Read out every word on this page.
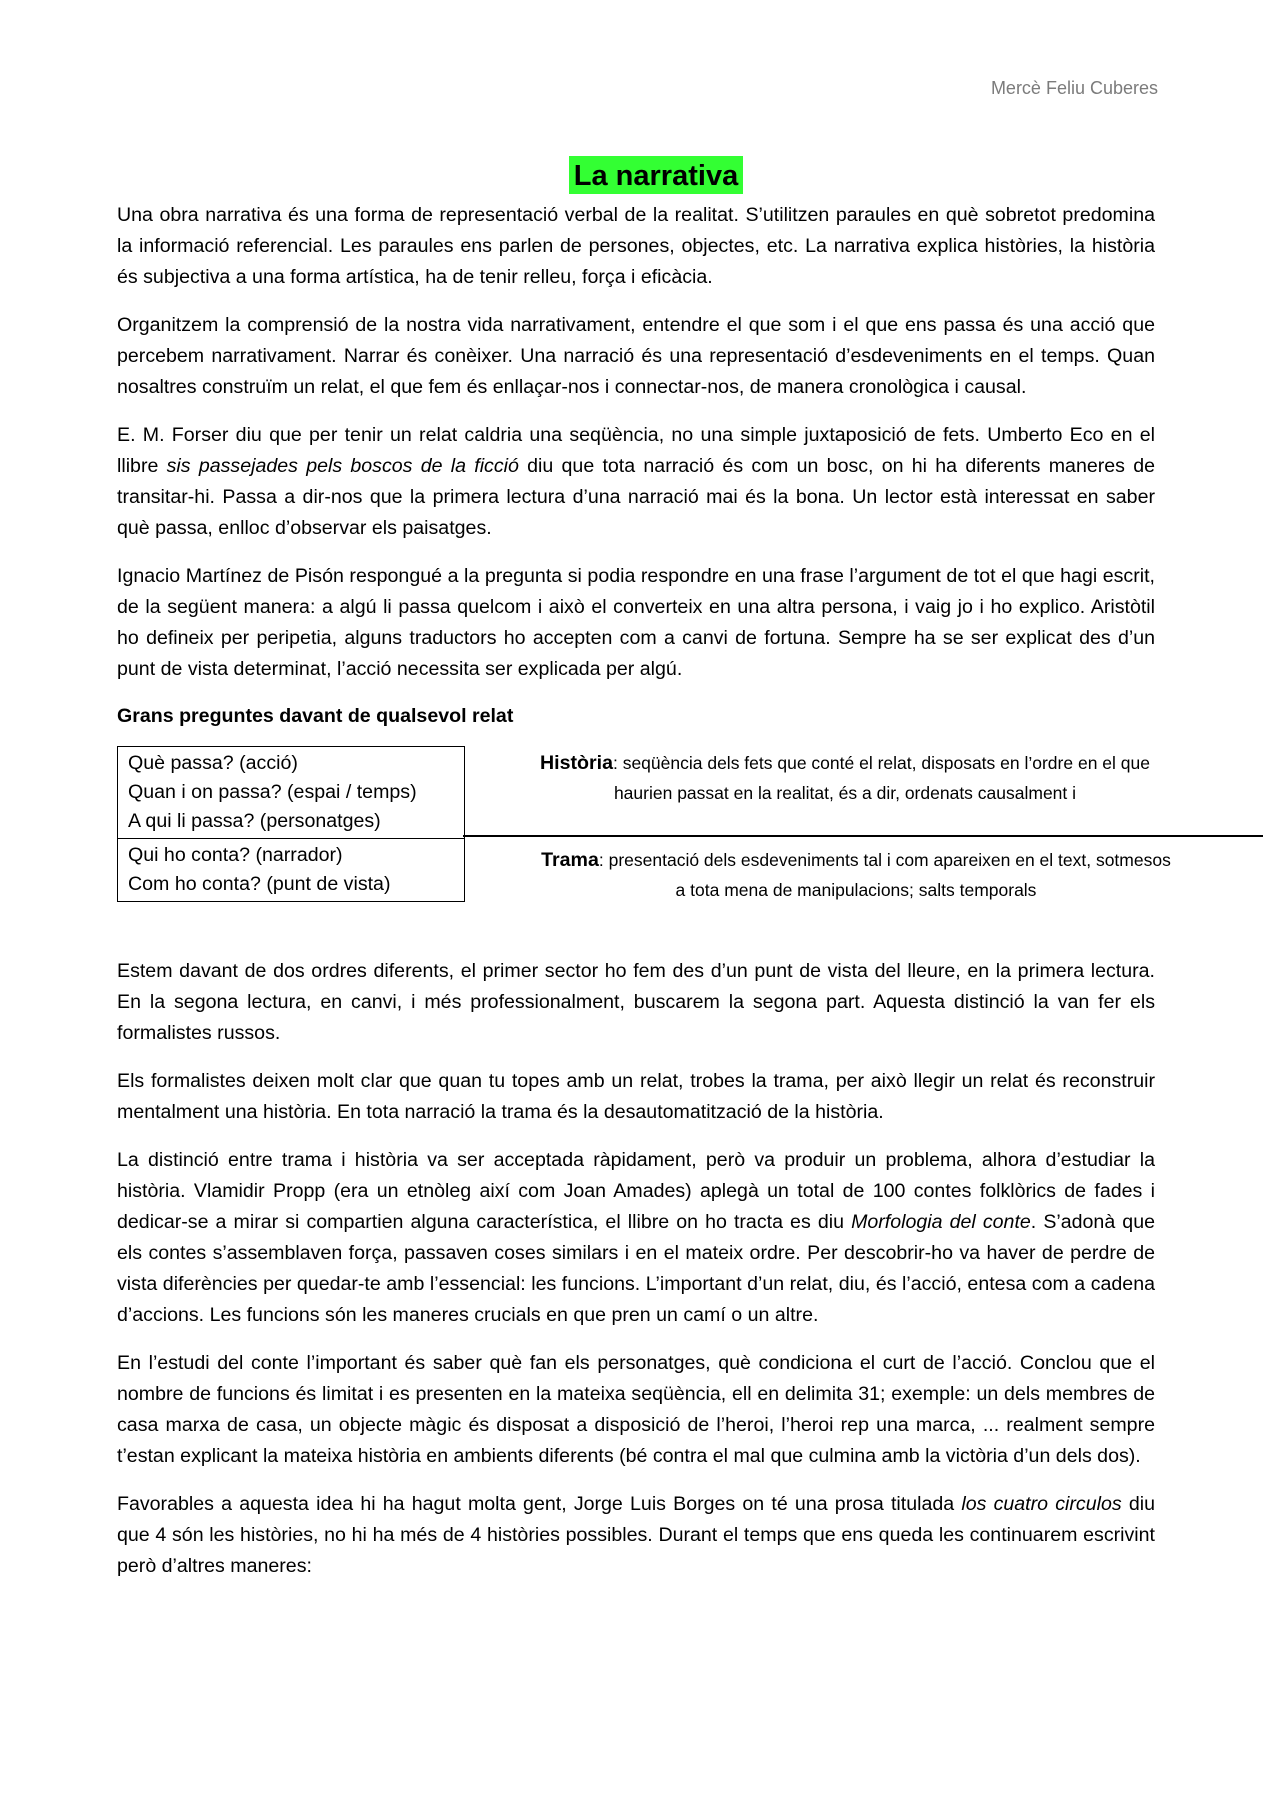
Mercè Feliu Cuberes
La narrativa

Una obra narrativa és una forma de representació verbal de la realitat. S’utilitzen paraules en què sobretot predomina la informació referencial. Les paraules ens parlen de persones, objectes, etc. La narrativa explica històries, la història és subjectiva a una forma artística, ha de tenir relleu, força i eficàcia.

Organitzem la comprensió de la nostra vida narrativament, entendre el que som i el que ens passa és una acció que percebem narrativament. Narrar és conèixer. Una narració és una representació d’esdeveniments en el temps. Quan nosaltres construïm un relat, el que fem és enllaçar-nos i connectar-nos, de manera cronològica i causal.

E. M. Forser diu que per tenir un relat caldria una seqüència, no una simple juxtaposició de fets. Umberto Eco en el llibre sis passejades pels boscos de la ficció diu que tota narració és com un bosc, on hi ha diferents maneres de transitar-hi. Passa a dir-nos que la primera lectura d’una narració mai és la bona. Un lector està interessat en saber què passa, enlloc d’observar els paisatges.

Ignacio Martínez de Pisón respongué a la pregunta si podia respondre en una frase l’argument de tot el que hagi escrit, de la següent manera: a algú li passa quelcom i això el converteix en una altra persona, i vaig jo i ho explico. Aristòtil ho defineix per peripetia, alguns traductors ho accepten com a canvi de fortuna. Sempre ha se ser explicat des d’un punt de vista determinat, l’acció necessita ser explicada per algú.

Grans preguntes davant de qualsevol relat
Què passa? (acció)
Quan i on passa? (espai / temps)
A qui li passa? (personatges)
Qui ho conta? (narrador)
Com ho conta? (punt de vista)
Història: seqüència dels fets que conté el relat, disposats en l’ordre en el que haurien passat en la realitat, és a dir, ordenats causalment i
Trama: presentació dels esdeveniments tal i com apareixen en el text, sotmesos a tota mena de manipulacions; salts temporals

Estem davant de dos ordres diferents, el primer sector ho fem des d’un punt de vista del lleure, en la primera lectura. En la segona lectura, en canvi, i més professionalment, buscarem la segona part. Aquesta distinció la van fer els formalistes russos.

Els formalistes deixen molt clar que quan tu topes amb un relat, trobes la trama, per això llegir un relat és reconstruir mentalment una història. En tota narració la trama és la desautomatització de la història.

La distinció entre trama i història va ser acceptada ràpidament, però va produir un problema, alhora d’estudiar la història. Vlamidir Propp (era un etnòleg així com Joan Amades) aplegà un total de 100 contes folklòrics de fades i dedicar-se a mirar si compartien alguna característica, el llibre on ho tracta es diu Morfologia del conte. S’adonà que els contes s’assemblaven força, passaven coses similars i en el mateix ordre. Per descobrir-ho va haver de perdre de vista diferències per quedar-te amb l’essencial: les funcions. L’important d’un relat, diu, és l’acció, entesa com a cadena d’accions. Les funcions són les maneres crucials en que pren un camí o un altre.

En l’estudi del conte l’important és saber què fan els personatges, què condiciona el curt de l’acció. Conclou que el nombre de funcions és limitat i es presenten en la mateixa seqüència, ell en delimita 31; exemple: un dels membres de casa marxa de casa, un objecte màgic és disposat a disposició de l’heroi, l’heroi rep una marca, ... realment sempre t’estan explicant la mateixa història en ambients diferents (bé contra el mal que culmina amb la victòria d’un dels dos).

Favorables a aquesta idea hi ha hagut molta gent, Jorge Luis Borges on té una prosa titulada los cuatro circulos diu que 4 són les històries, no hi ha més de 4 històries possibles. Durant el temps que ens queda les continuarem escrivint però d’altres maneres:
